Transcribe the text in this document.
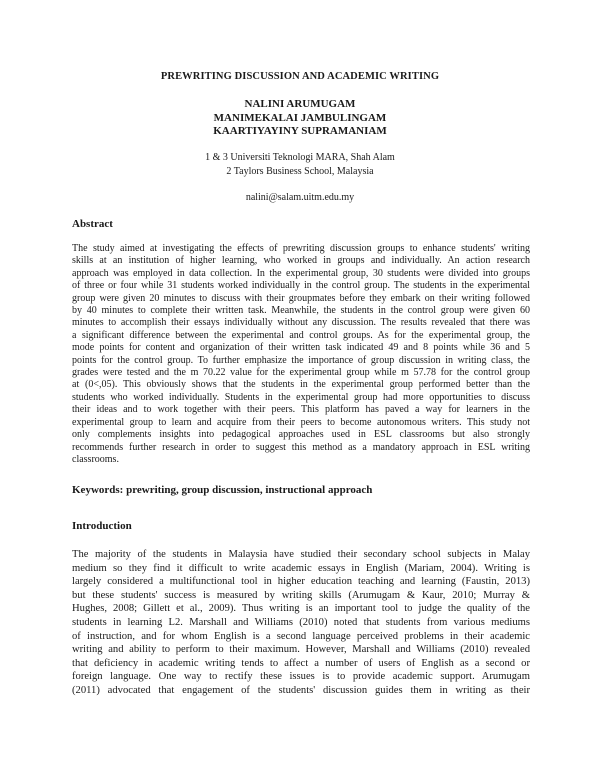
PREWRITING DISCUSSION AND ACADEMIC WRITING
NALINI ARUMUGAM
MANIMEKALAI JAMBULINGAM
KAARTIYAYINY SUPRAMANIAM
1 & 3 Universiti Teknologi MARA, Shah Alam
2 Taylors Business School, Malaysia
nalini@salam.uitm.edu.my
Abstract
The study aimed at investigating the effects of prewriting discussion groups to enhance students' writing
skills at an institution of higher learning, who worked in groups and individually. An action research
approach was employed in data collection. In the experimental group, 30 students were divided into groups
of three or four while 31 students worked individually in the control group. The students in the experimental
group were given 20 minutes to discuss with their groupmates before they embark on their writing followed
by 40 minutes to complete their written task. Meanwhile, the students in the control group were given 60
minutes to accomplish their essays individually without any discussion. The results revealed that there was
a significant difference between the experimental and control groups. As for the experimental group, the
mode points for content and organization of their written task indicated 49 and 8 points while 36 and 5
points for the control group. To further emphasize the importance of group discussion in writing class, the
grades were tested and the m 70.22 value for the experimental group while m 57.78 for the control group
at (0<,05). This obviously shows that the students in the experimental group performed better than the
students who worked individually. Students in the experimental group had more opportunities to discuss
their ideas and to work together with their peers. This platform has paved a way for learners in the
experimental group to learn and acquire from their peers to become autonomous writers. This study not
only complements insights into pedagogical approaches used in ESL classrooms but also strongly
recommends further research in order to suggest this method as a mandatory approach in ESL writing
classrooms.
Keywords: prewriting, group discussion, instructional approach
Introduction
The majority of the students in Malaysia have studied their secondary school subjects in Malay
medium so they find it difficult to write academic essays in English (Mariam, 2004). Writing is
largely considered a multifunctional tool in higher education teaching and learning (Faustin, 2013)
but these students' success is measured by writing skills (Arumugam & Kaur, 2010; Murray &
Hughes, 2008; Gillett et al., 2009). Thus writing is an important tool to judge the quality of the
students in learning L2. Marshall and Williams (2010) noted that students from various mediums
of instruction, and for whom English is a second language perceived problems in their academic
writing and ability to perform to their maximum. However, Marshall and Williams (2010) revealed
that deficiency in academic writing tends to affect a number of users of English as a second or
foreign language. One way to rectify these issues is to provide academic support. Arumugam
(2011) advocated that engagement of the students' discussion guides them in writing as their
